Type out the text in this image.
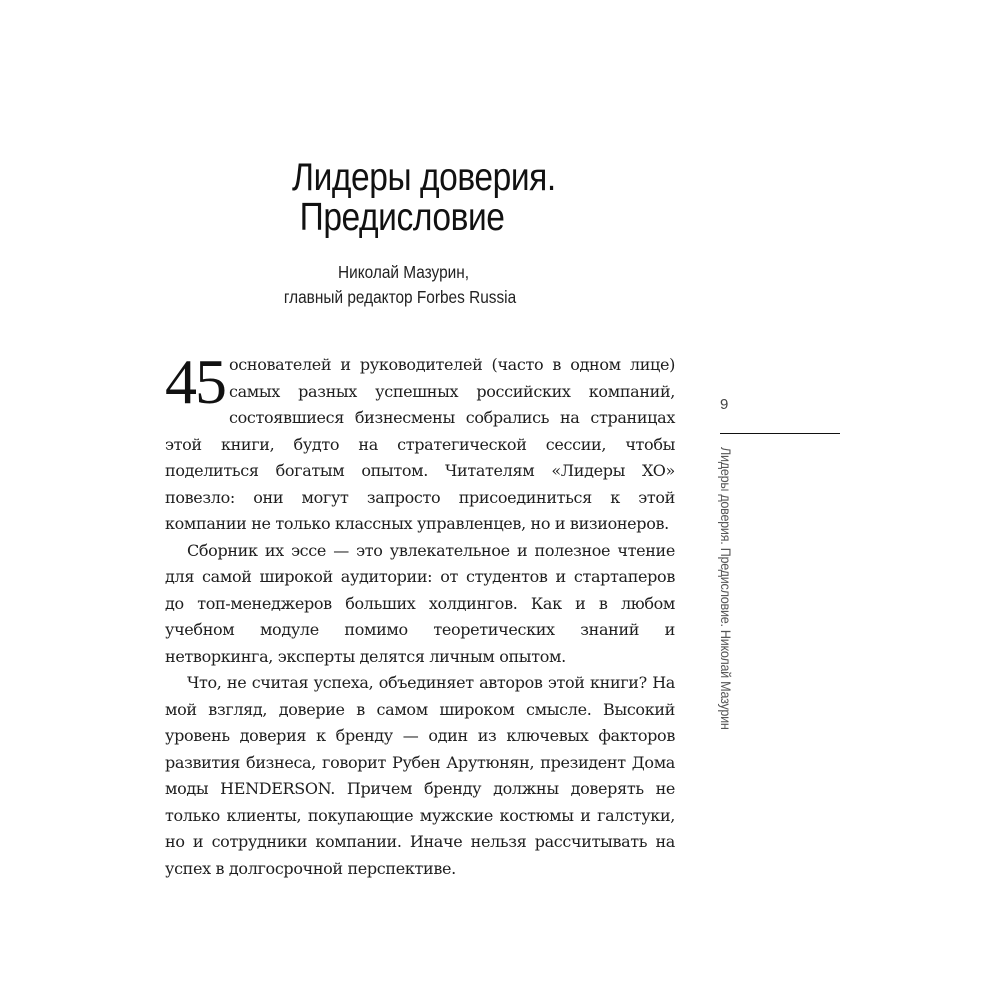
Лидеры доверия.
Предисловие
Николай Мазурин,
главный редактор Forbes Russia

45 основателей и руководителей (часто в одном лице) самых разных успешных российских компаний, состоявшиеся бизнесмены собрались на страницах этой книги, будто на стратегической сессии, чтобы поделиться богатым опытом. Читателям «Лидеры XO» повезло: они могут запросто присоединиться к этой компании не только классных управленцев, но и визионеров.

Сборник их эссе — это увлекательное и полезное чтение для самой широкой аудитории: от студентов и стартаперов до топ-менеджеров больших холдингов. Как и в любом учебном модуле помимо теоретических знаний и нетворкинга, эксперты делятся личным опытом.

Что, не считая успеха, объединяет авторов этой книги? На мой взгляд, доверие в самом широком смысле. Высокий уровень доверия к бренду — один из ключевых факторов развития бизнеса, говорит Рубен Арутюнян, президент Дома моды HENDERSON. Причем бренду должны доверять не только клиенты, покупающие мужские костюмы и галстуки, но и сотрудники компании. Иначе нельзя рассчитывать на успех в долгосрочной перспективе.

9
Лидеры доверия. Предисловие. Николай Мазурин
